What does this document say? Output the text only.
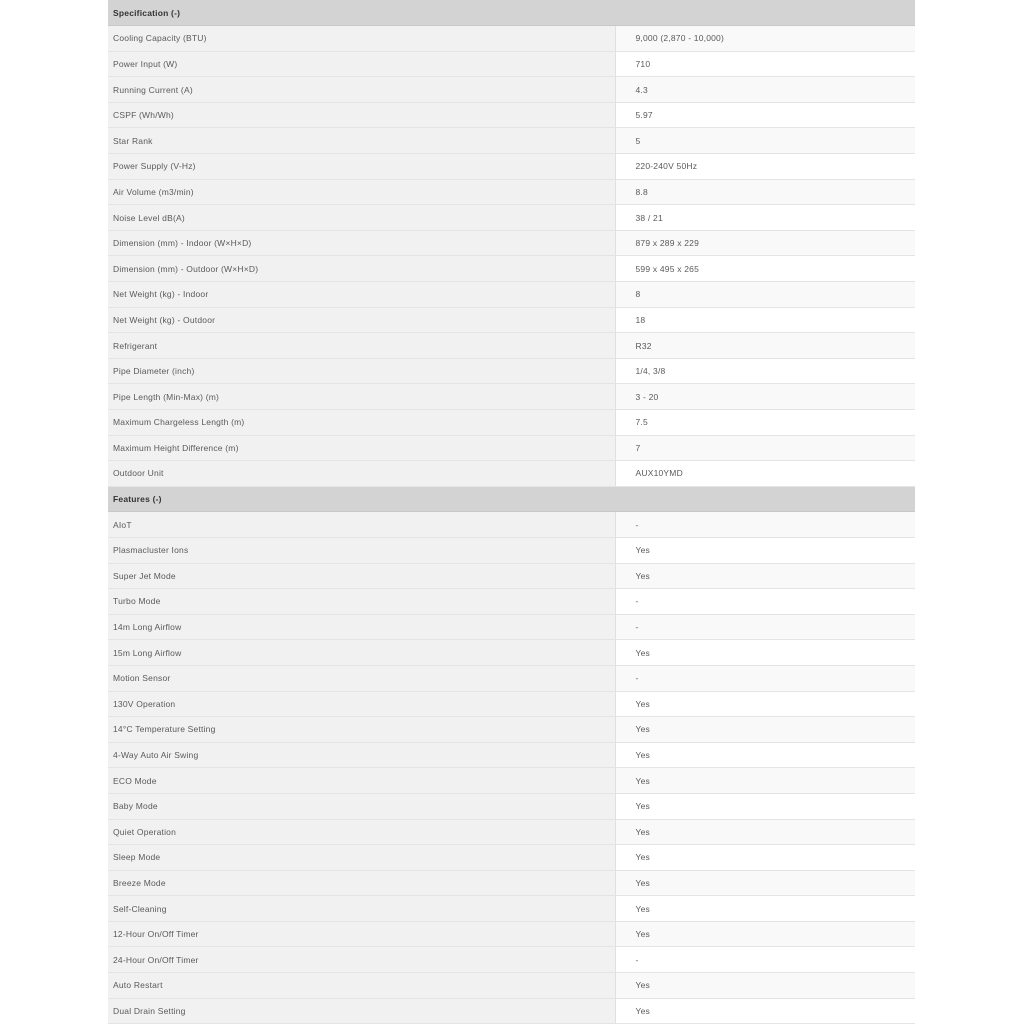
Specification (-)	
Cooling Capacity (BTU)	9,000 (2,870 - 10,000)
Power Input (W)	710
Running Current (A)	4.3
CSPF (Wh/Wh)	5.97
Star Rank	5
Power Supply (V-Hz)	220-240V 50Hz
Air Volume (m3/min)	8.8
Noise Level dB(A)	38 / 21
Dimension (mm) - Indoor (W×H×D)	879 x 289 x 229
Dimension (mm) - Outdoor (W×H×D)	599 x 495 x 265
Net Weight (kg) - Indoor	8
Net Weight (kg) - Outdoor	18
Refrigerant	R32
Pipe Diameter (inch)	1/4, 3/8
Pipe Length (Min-Max) (m)	3 - 20
Maximum Chargeless Length (m)	7.5
Maximum Height Difference (m)	7
Outdoor Unit	AUX10YMD
Features (-)	
AIoT	-
Plasmacluster Ions	Yes
Super Jet Mode	Yes
Turbo Mode	-
14m Long Airflow	-
15m Long Airflow	Yes
Motion Sensor	-
130V Operation	Yes
14°C Temperature Setting	Yes
4-Way Auto Air Swing	Yes
ECO Mode	Yes
Baby Mode	Yes
Quiet Operation	Yes
Sleep Mode	Yes
Breeze Mode	Yes
Self-Cleaning	Yes
12-Hour On/Off Timer	Yes
24-Hour On/Off Timer	-
Auto Restart	Yes
Dual Drain Setting	Yes
